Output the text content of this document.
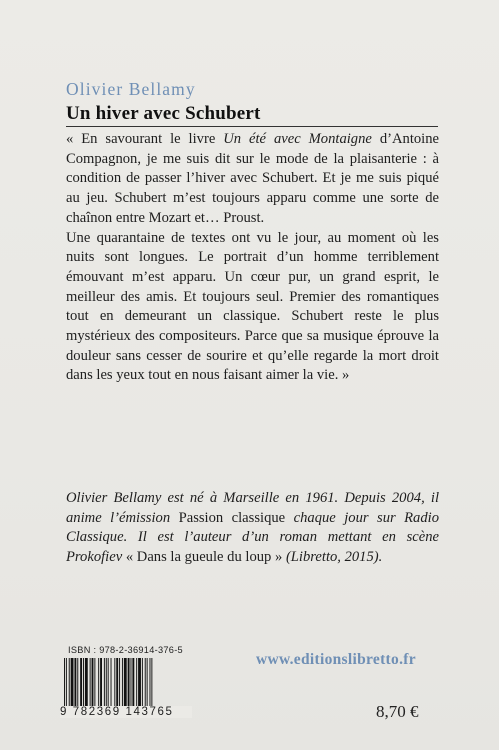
Olivier Bellamy
Un hiver avec Schubert

« En savourant le livre Un été avec Montaigne d’Antoine Compagnon, je me suis dit sur le mode de la plaisanterie : à condition de passer l’hiver avec Schubert. Et je me suis piqué au jeu. Schubert m’est toujours apparu comme une sorte de chaînon entre Mozart et… Proust.

Une quarantaine de textes ont vu le jour, au moment où les nuits sont longues. Le portrait d’un homme terriblement émouvant m’est apparu. Un cœur pur, un grand esprit, le meilleur des amis. Et toujours seul. Premier des romantiques tout en demeurant un classique. Schubert reste le plus mystérieux des compositeurs. Parce que sa musique éprouve la douleur sans cesser de sourire et qu’elle regarde la mort droit dans les yeux tout en nous faisant aimer la vie. »

Olivier Bellamy est né à Marseille en 1961. Depuis 2004, il anime l’émission Passion classique chaque jour sur Radio Classique. Il est l’auteur d’un roman mettant en scène Prokofiev « Dans la gueule du loup » (Libretto, 2015).

ISBN : 978-2-36914-376-5
9 782369 143765
www.editionslibretto.fr
8,70 €
